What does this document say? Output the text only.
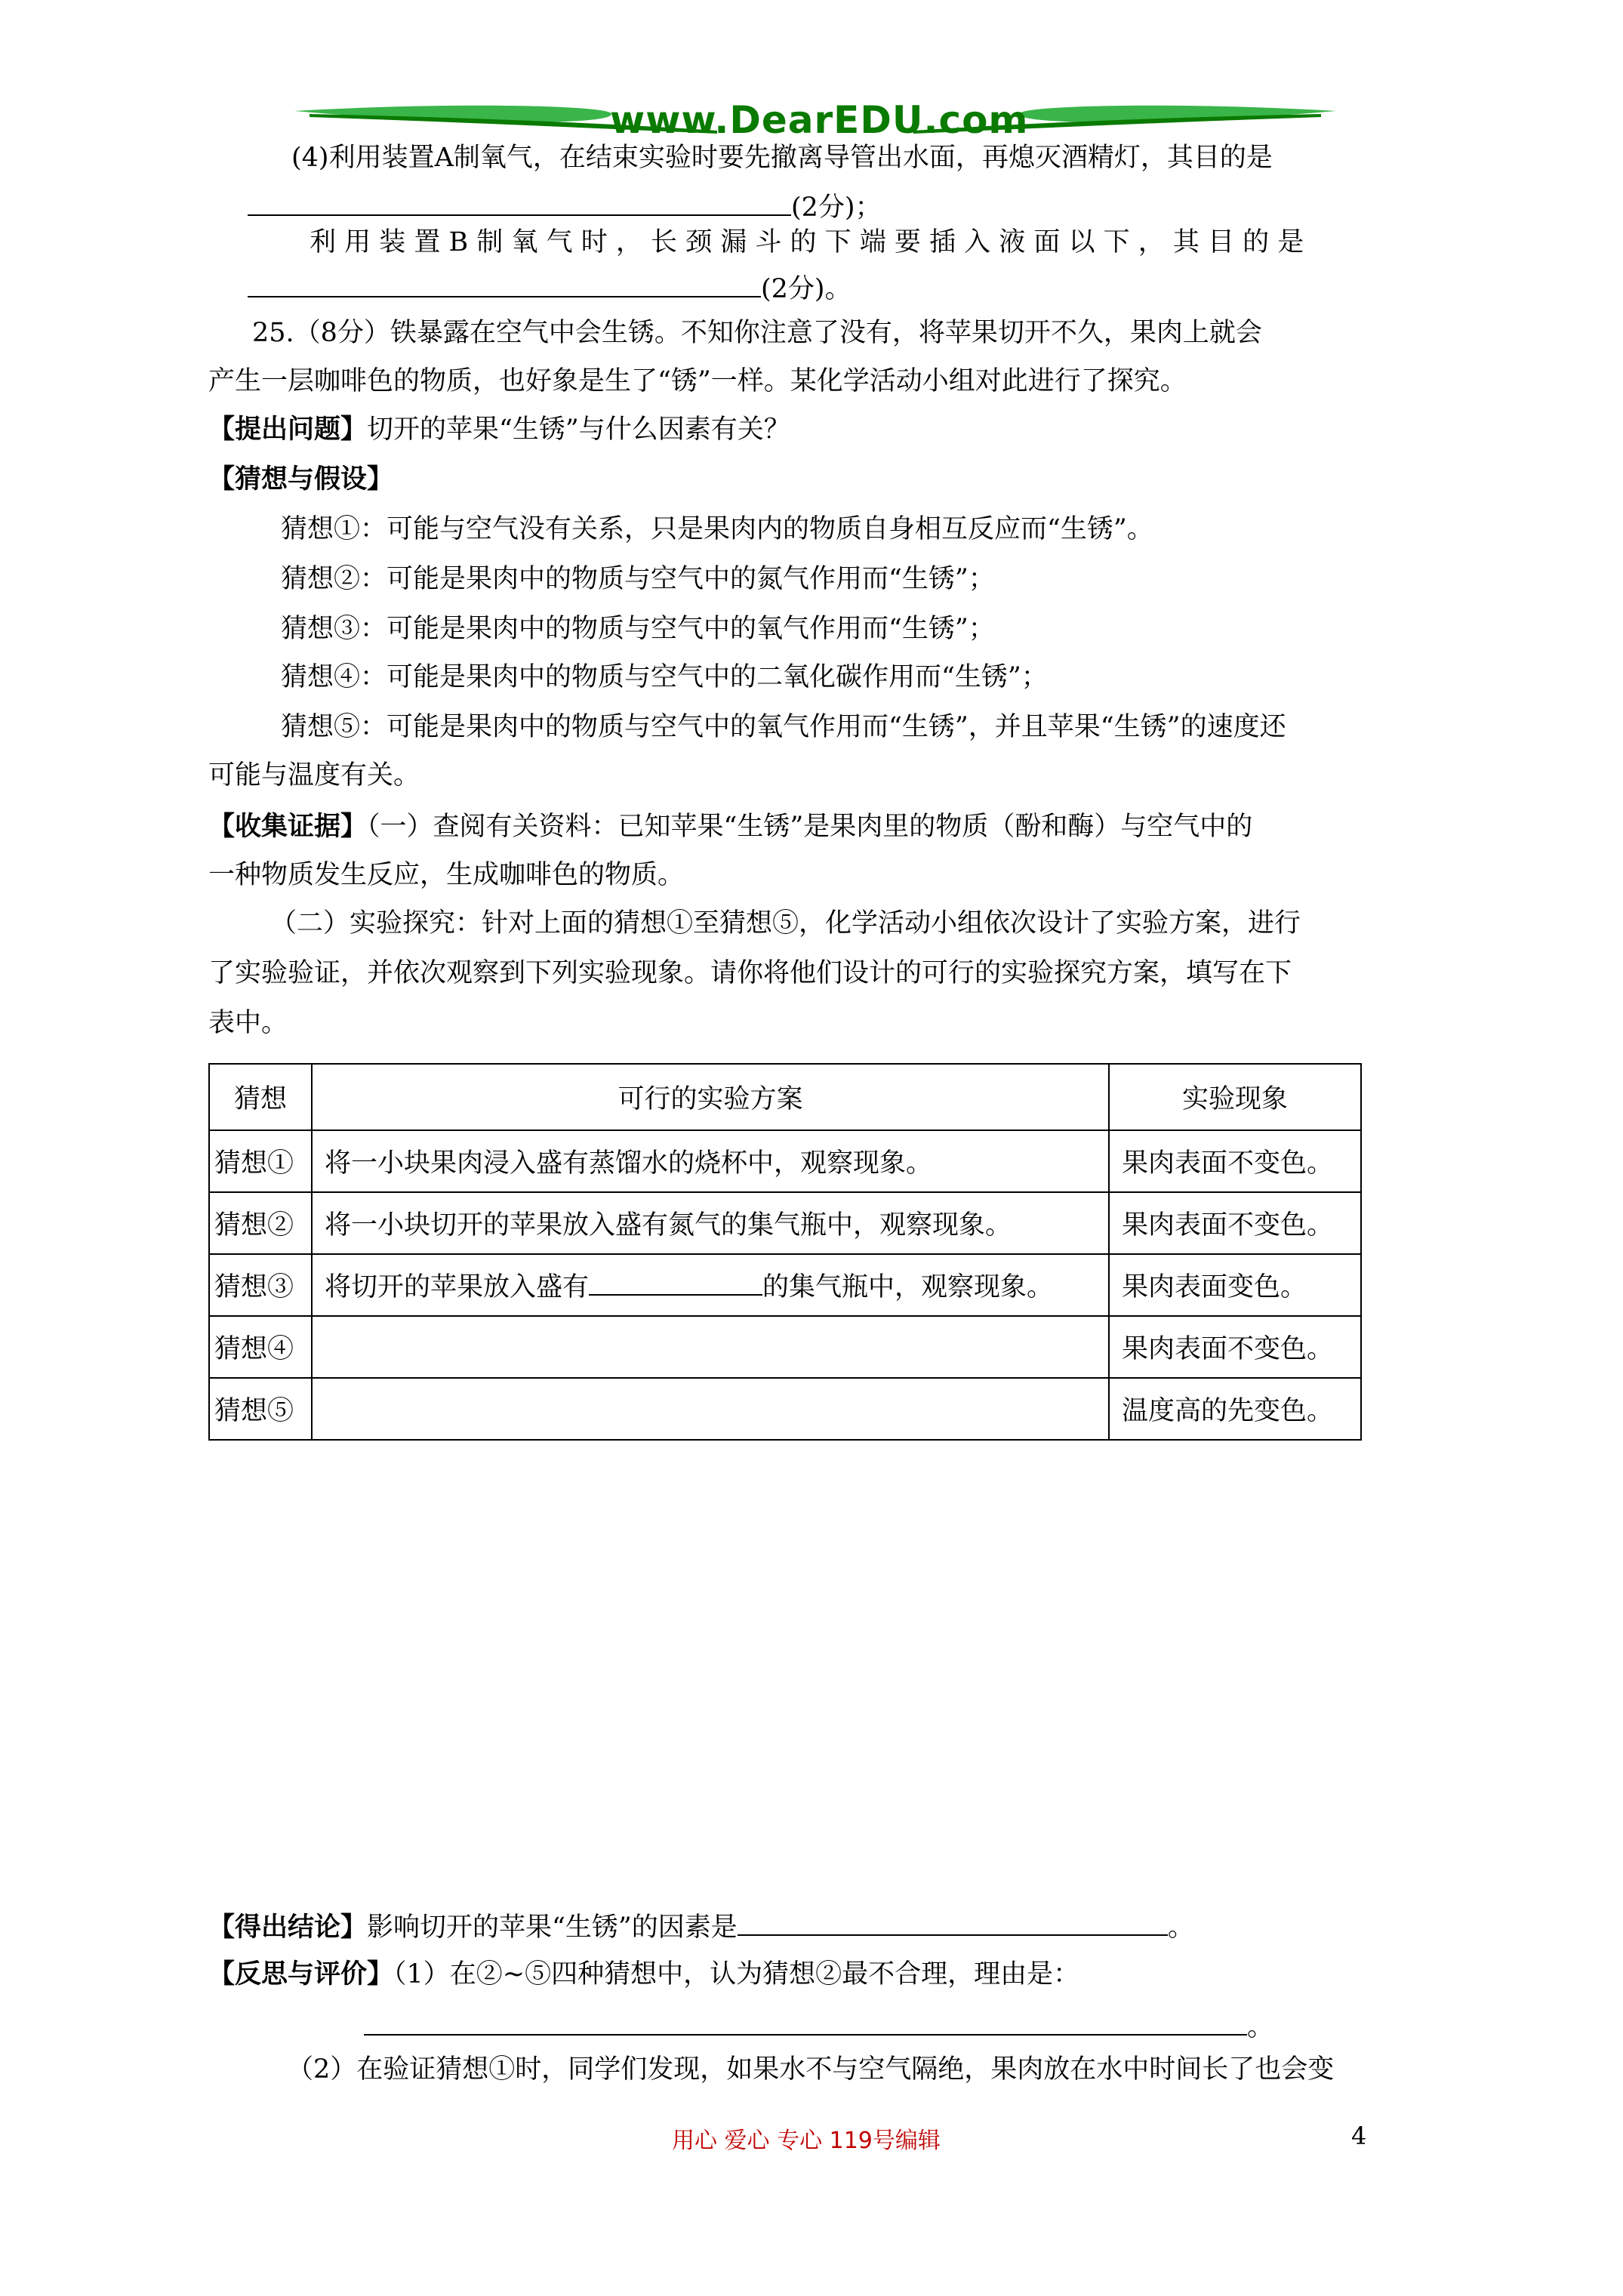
www.DearEDU.com
(4)利用装置A制氧气，在结束实验时要先撤离导管出水面，再熄灭酒精灯，其目的是
(2分)；
利 用 装 置 B 制 氧 气 时 ， 长 颈 漏 斗 的 下 端 要 插 入 液 面 以 下 ， 其 目 的 是
(2分)。
25.（8分）铁暴露在空气中会生锈。不知你注意了没有，将苹果切开不久，果肉上就会
产生一层咖啡色的物质，也好象是生了“锈”一样。某化学活动小组对此进行了探究。
【提出问题】切开的苹果“生锈”与什么因素有关？
【猜想与假设】
猜想①：可能与空气没有关系，只是果肉内的物质自身相互反应而“生锈”。
猜想②：可能是果肉中的物质与空气中的氮气作用而“生锈”；
猜想③：可能是果肉中的物质与空气中的氧气作用而“生锈”；
猜想④：可能是果肉中的物质与空气中的二氧化碳作用而“生锈”；
猜想⑤：可能是果肉中的物质与空气中的氧气作用而“生锈”，并且苹果“生锈”的速度还
可能与温度有关。
【收集证据】（一）查阅有关资料：已知苹果“生锈”是果肉里的物质（酚和酶）与空气中的
一种物质发生反应，生成咖啡色的物质。
（二）实验探究：针对上面的猜想①至猜想⑤，化学活动小组依次设计了实验方案，进行
了实验验证，并依次观察到下列实验现象。请你将他们设计的可行的实验探究方案，填写在下
表中。
猜想	可行的实验方案	实验现象
猜想①	将一小块果肉浸入盛有蒸馏水的烧杯中，观察现象。	果肉表面不变色。
猜想②	将一小块切开的苹果放入盛有氮气的集气瓶中，观察现象。	果肉表面不变色。
猜想③	将切开的苹果放入盛有 的集气瓶中，观察现象。	果肉表面变色。
猜想④		果肉表面不变色。
猜想⑤		温度高的先变色。
【得出结论】影响切开的苹果“生锈”的因素是	。
【反思与评价】（1）在②~⑤四种猜想中，认为猜想②最不合理，理由是：
。
（2）在验证猜想①时，同学们发现，如果水不与空气隔绝，果肉放在水中时间长了也会变
用心 爱心 专心 119号编辑	4
